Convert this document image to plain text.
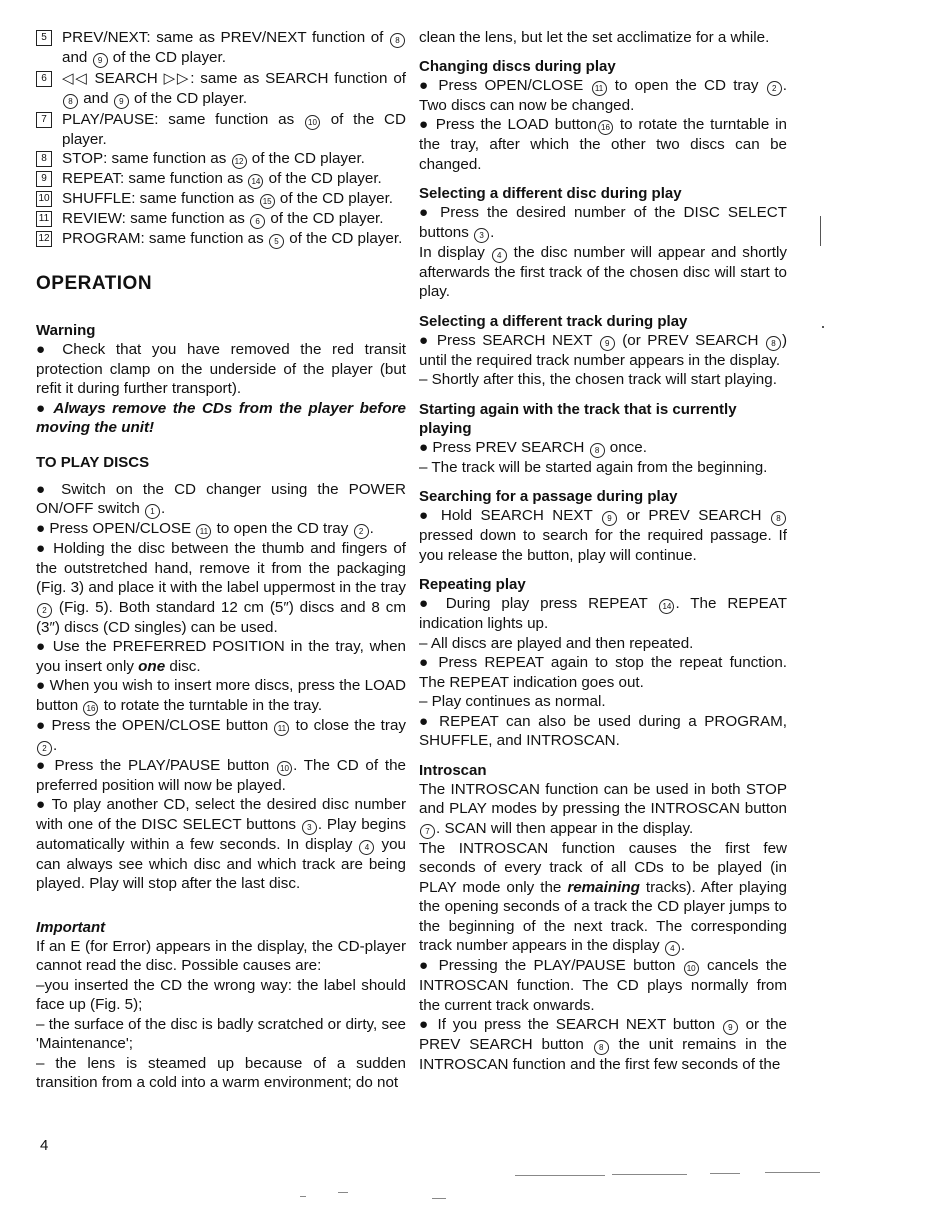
5	PREV/NEXT: same as PREV/NEXT function of 8 and 9 of the CD player.
6	◁◁ SEARCH ▷▷: same as SEARCH function of 8 and 9 of the CD player.
7	PLAY/PAUSE: same function as 10 of the CD player.
8	STOP: same function as 12 of the CD player.
9	REPEAT: same function as 14 of the CD player.
10 SHUFFLE: same function as 15 of the CD player.
11 REVIEW: same function as 6 of the CD player.
12 PROGRAM: same function as 5 of the CD player.
OPERATION
Warning

● Check that you have removed the red transit protection clamp on the underside of the player (but refit it during further transport).

● Always remove the CDs from the player before moving the unit!

TO PLAY DISCS

● Switch on the CD changer using the POWER ON/OFF switch 1 .

● Press OPEN/CLOSE 11 to open the CD tray 2 .

● Holding the disc between the thumb and fingers of the outstretched hand, remove it from the packaging (Fig. 3) and place it with the label uppermost in the tray 2 (Fig. 5). Both standard 12 cm (5″) discs and 8 cm (3″) discs (CD singles) can be used.

● Use the PREFERRED POSITION in the tray, when you insert only one disc.

● When you wish to insert more discs, press the LOAD button 16 to rotate the turntable in the tray.

● Press the OPEN/CLOSE button 11 to close the tray 2 .

● Press the PLAY/PAUSE button 10 . The CD of the preferred position will now be played.

● To play another CD, select the desired disc number with one of the DISC SELECT buttons 3 . Play begins automatically within a few seconds. In display 4 you can always see which disc and which track are being played. Play will stop after the last disc.

Important

If an E (for Error) appears in the display, the CD-player cannot read the disc. Possible causes are:

–you inserted the CD the wrong way: the label should face up (Fig. 5);

– the surface of the disc is badly scratched or dirty, see 'Maintenance';

– the lens is steamed up because of a sudden transition from a cold into a warm environment; do not

clean the lens, but let the set acclimatize for a while.

Changing discs during play

● Press OPEN/CLOSE 11 to open the CD tray 2 . Two discs can now be changed.

● Press the LOAD button 16 to rotate the turntable in the tray, after which the other two discs can be changed.

Selecting a different disc during play

● Press the desired number of the DISC SELECT buttons 3 .

In display 4 the disc number will appear and shortly afterwards the first track of the chosen disc will start to play.

Selecting a different track during play

● Press SEARCH NEXT 9 (or PREV SEARCH 8 ) until the required track number appears in the display.

– Shortly after this, the chosen track will start playing.

Starting again with the track that is currently playing

● Press PREV SEARCH 8 once.

– The track will be started again from the beginning.

Searching for a passage during play

● Hold SEARCH NEXT 9 or PREV SEARCH 8 pressed down to search for the required passage. If you release the button, play will continue.

Repeating play

● During play press REPEAT 14 . The REPEAT indication lights up.

– All discs are played and then repeated.

● Press REPEAT again to stop the repeat function. The REPEAT indication goes out.

– Play continues as normal.

● REPEAT can also be used during a PROGRAM, SHUFFLE, and INTROSCAN.

Introscan

The INTROSCAN function can be used in both STOP and PLAY modes by pressing the INTROSCAN button 7 . SCAN will then appear in the display.

The INTROSCAN function causes the first few seconds of every track of all CDs to be played (in PLAY mode only the remaining tracks). After playing the opening seconds of a track the CD player jumps to the beginning of the next track. The corresponding track number appears in the display 4 .

● Pressing the PLAY/PAUSE button 10 cancels the INTROSCAN function. The CD plays normally from the current track onwards.

● If you press the SEARCH NEXT button 9 or the PREV SEARCH button 8 the unit remains in the INTROSCAN function and the first few seconds of the

4
